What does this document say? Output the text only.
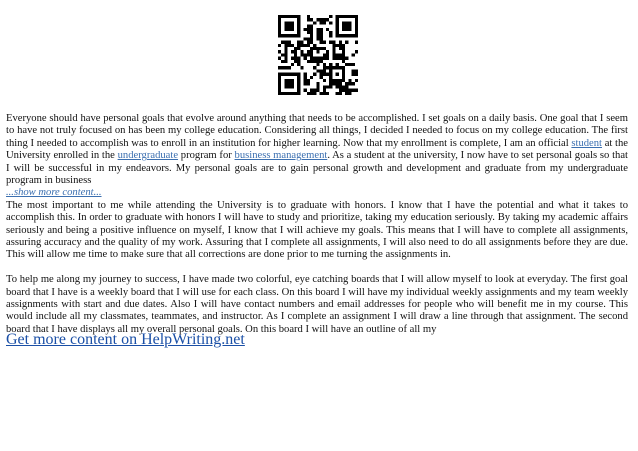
Everyone should have personal goals that evolve around anything that needs to be accomplished. I set goals on a daily basis. One goal that I seem to have not truly focused on has been my college education. Considering all things, I decided I needed to focus on my college education. The first thing I needed to accomplish was to enroll in an institution for higher learning. Now that my enrollment is complete, I am an official student at the University enrolled in the undergraduate program for business management. As a student at the university, I now have to set personal goals so that I will be successful in my endeavors. My personal goals are to gain personal growth and development and graduate from my undergraduate program in business

...show more content...

The most important to me while attending the University is to graduate with honors. I know that I have the potential and what it takes to accomplish this. In order to graduate with honors I will have to study and prioritize, taking my education seriously. By taking my academic affairs seriously and being a positive influence on myself, I know that I will achieve my goals. This means that I will have to complete all assignments, assuring accuracy and the quality of my work. Assuring that I complete all assignments, I will also need to do all assignments before they are due. This will allow me time to make sure that all corrections are done prior to me turning the assignments in.

To help me along my journey to success, I have made two colorful, eye catching boards that I will allow myself to look at everyday. The first goal board that I have is a weekly board that I will use for each class. On this board I will have my individual weekly assignments and my team weekly assignments with start and due dates. Also I will have contact numbers and email addresses for people who will benefit me in my course. This would include all my classmates, teammates, and instructor. As I complete an assignment I will draw a line through that assignment. The second board that I have displays all my overall personal goals. On this board I will have an outline of all my

Get more content on HelpWriting.net
